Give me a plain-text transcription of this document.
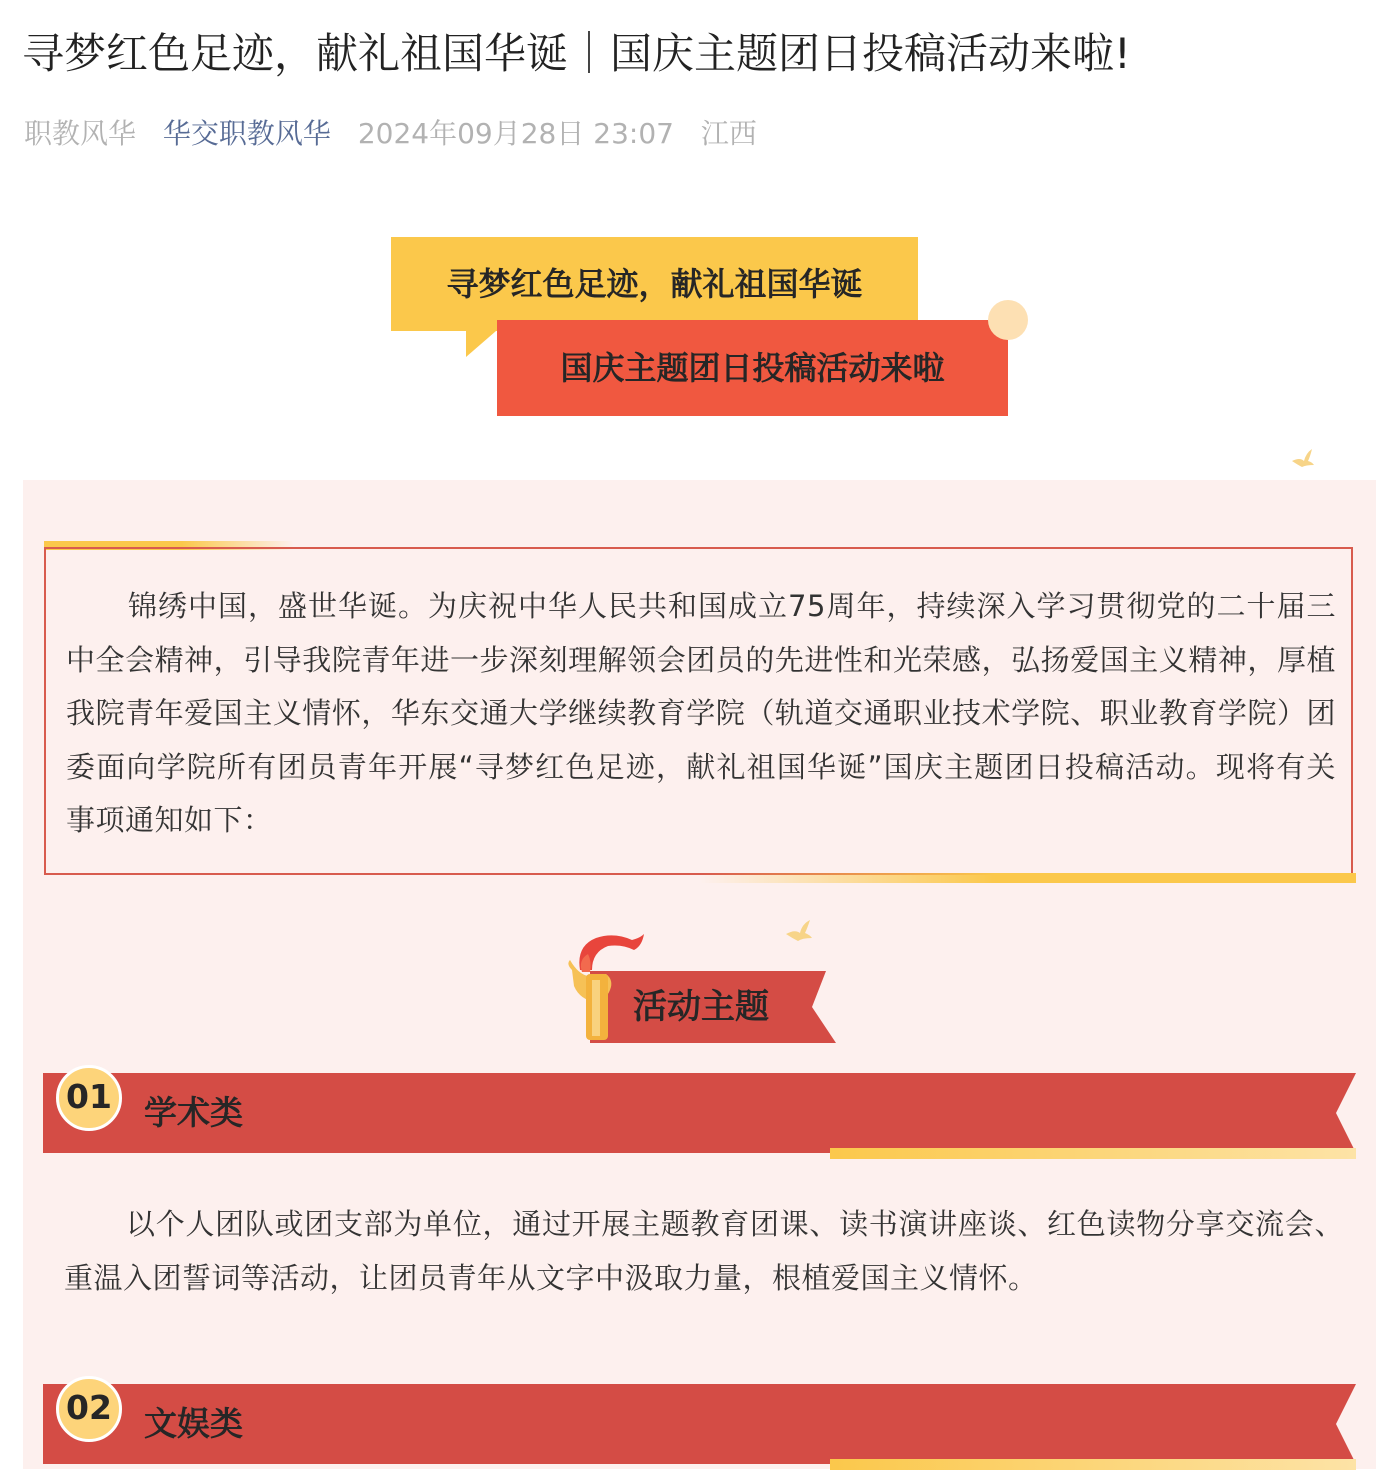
寻梦红色足迹，献礼祖国华诞｜国庆主题团日投稿活动来啦!
职教风华 华交职教风华 2024年09月28日 23:07 江西
寻梦红色足迹，献礼祖国华诞
国庆主题团日投稿活动来啦
锦绣中国，盛世华诞。为庆祝中华人民共和国成立75周年，持续深入学习贯彻党的二十届三中全会精神，引导我院青年进一步深刻理解领会团员的先进性和光荣感，弘扬爱国主义精神，厚植我院青年爱国主义情怀，华东交通大学继续教育学院（轨道交通职业技术学院、职业教育学院）团委面向学院所有团员青年开展“寻梦红色足迹，献礼祖国华诞”国庆主题团日投稿活动。现将有关事项通知如下：
活动主题
01 学术类
以个人团队或团支部为单位，通过开展主题教育团课、读书演讲座谈、红色读物分享交流会、重温入团誓词等活动，让团员青年从文字中汲取力量，根植爱国主义情怀。
02 文娱类
